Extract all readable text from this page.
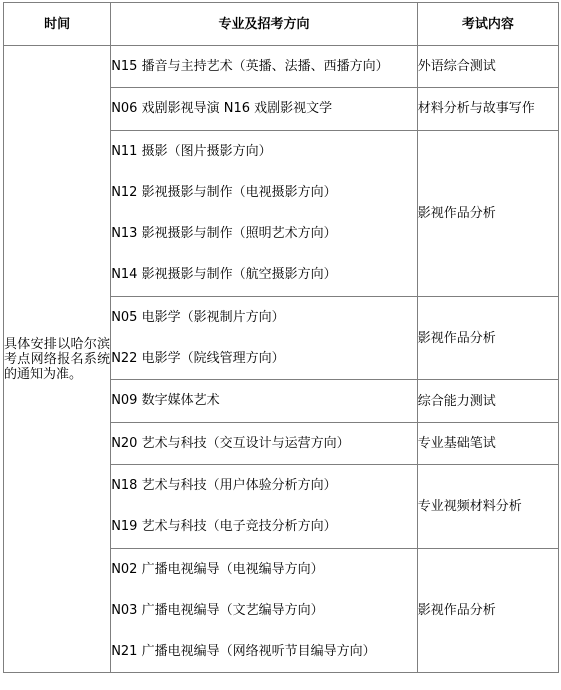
时间	专业及招考方向	考试内容
具体安排以哈尔滨考点网络报名系统的通知为准。	N15 播音与主持艺术（英播、法播、西播方向）	外语综合测试

	N06 戏剧影视导演 N16 戏剧影视文学	材料分析与故事写作

	N11 摄影（图片摄影方向）
N12 影视摄影与制作（电视摄影方向）
N13 影视摄影与制作（照明艺术方向）
N14 影视摄影与制作（航空摄影方向）	影视作品分析

	N05 电影学（影视制片方向）
N22 电影学（院线管理方向）	影视作品分析

	N09 数字媒体艺术	综合能力测试

	N20 艺术与科技（交互设计与运营方向）	专业基础笔试

	N18 艺术与科技（用户体验分析方向）
N19 艺术与科技（电子竞技分析方向）	专业视频材料分析

	N02 广播电视编导（电视编导方向）
N03 广播电视编导（文艺编导方向）
N21 广播电视编导（网络视听节目编导方向）	影视作品分析
